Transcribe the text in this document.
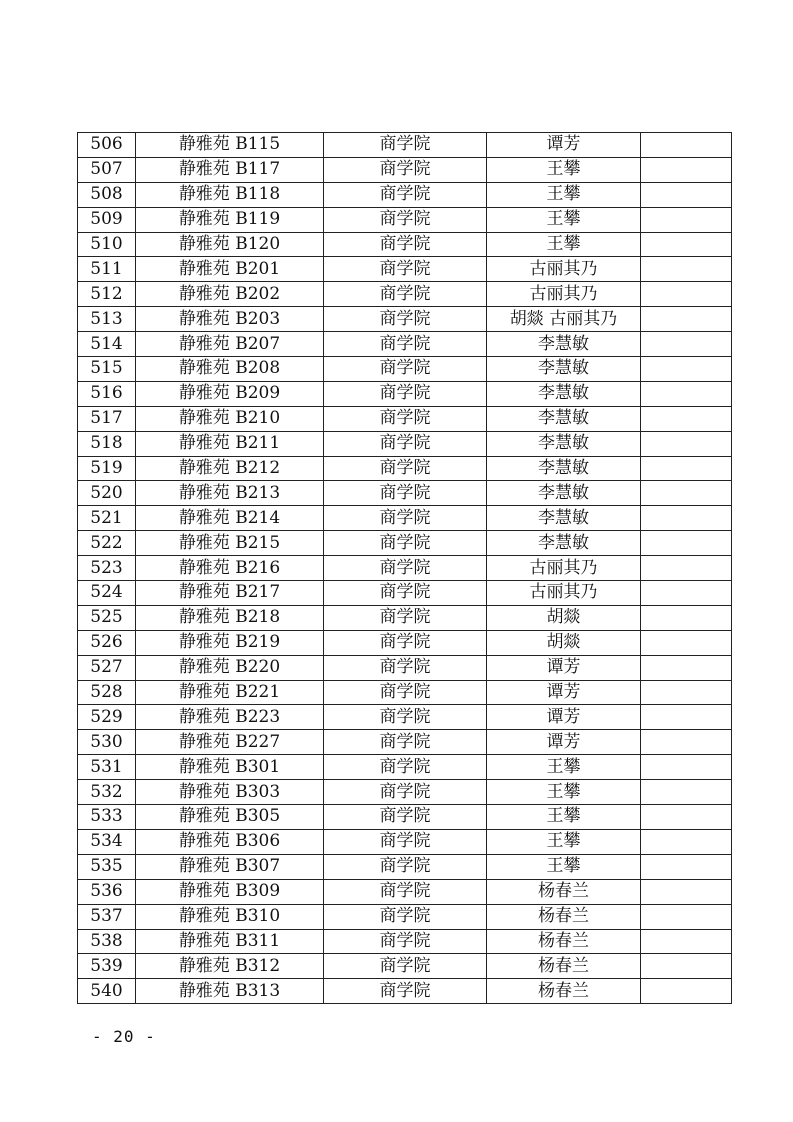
506	静雅苑 B115	商学院	谭芳	
507	静雅苑 B117	商学院	王攀	
508	静雅苑 B118	商学院	王攀	
509	静雅苑 B119	商学院	王攀	
510	静雅苑 B120	商学院	王攀	
511	静雅苑 B201	商学院	古丽其乃	
512	静雅苑 B202	商学院	古丽其乃	
513	静雅苑 B203	商学院	胡燚 古丽其乃	
514	静雅苑 B207	商学院	李慧敏	
515	静雅苑 B208	商学院	李慧敏	
516	静雅苑 B209	商学院	李慧敏	
517	静雅苑 B210	商学院	李慧敏	
518	静雅苑 B211	商学院	李慧敏	
519	静雅苑 B212	商学院	李慧敏	
520	静雅苑 B213	商学院	李慧敏	
521	静雅苑 B214	商学院	李慧敏	
522	静雅苑 B215	商学院	李慧敏	
523	静雅苑 B216	商学院	古丽其乃	
524	静雅苑 B217	商学院	古丽其乃	
525	静雅苑 B218	商学院	胡燚	
526	静雅苑 B219	商学院	胡燚	
527	静雅苑 B220	商学院	谭芳	
528	静雅苑 B221	商学院	谭芳	
529	静雅苑 B223	商学院	谭芳	
530	静雅苑 B227	商学院	谭芳	
531	静雅苑 B301	商学院	王攀	
532	静雅苑 B303	商学院	王攀	
533	静雅苑 B305	商学院	王攀	
534	静雅苑 B306	商学院	王攀	
535	静雅苑 B307	商学院	王攀	
536	静雅苑 B309	商学院	杨春兰	
537	静雅苑 B310	商学院	杨春兰	
538	静雅苑 B311	商学院	杨春兰	
539	静雅苑 B312	商学院	杨春兰	
540	静雅苑 B313	商学院	杨春兰	
- 20 -
